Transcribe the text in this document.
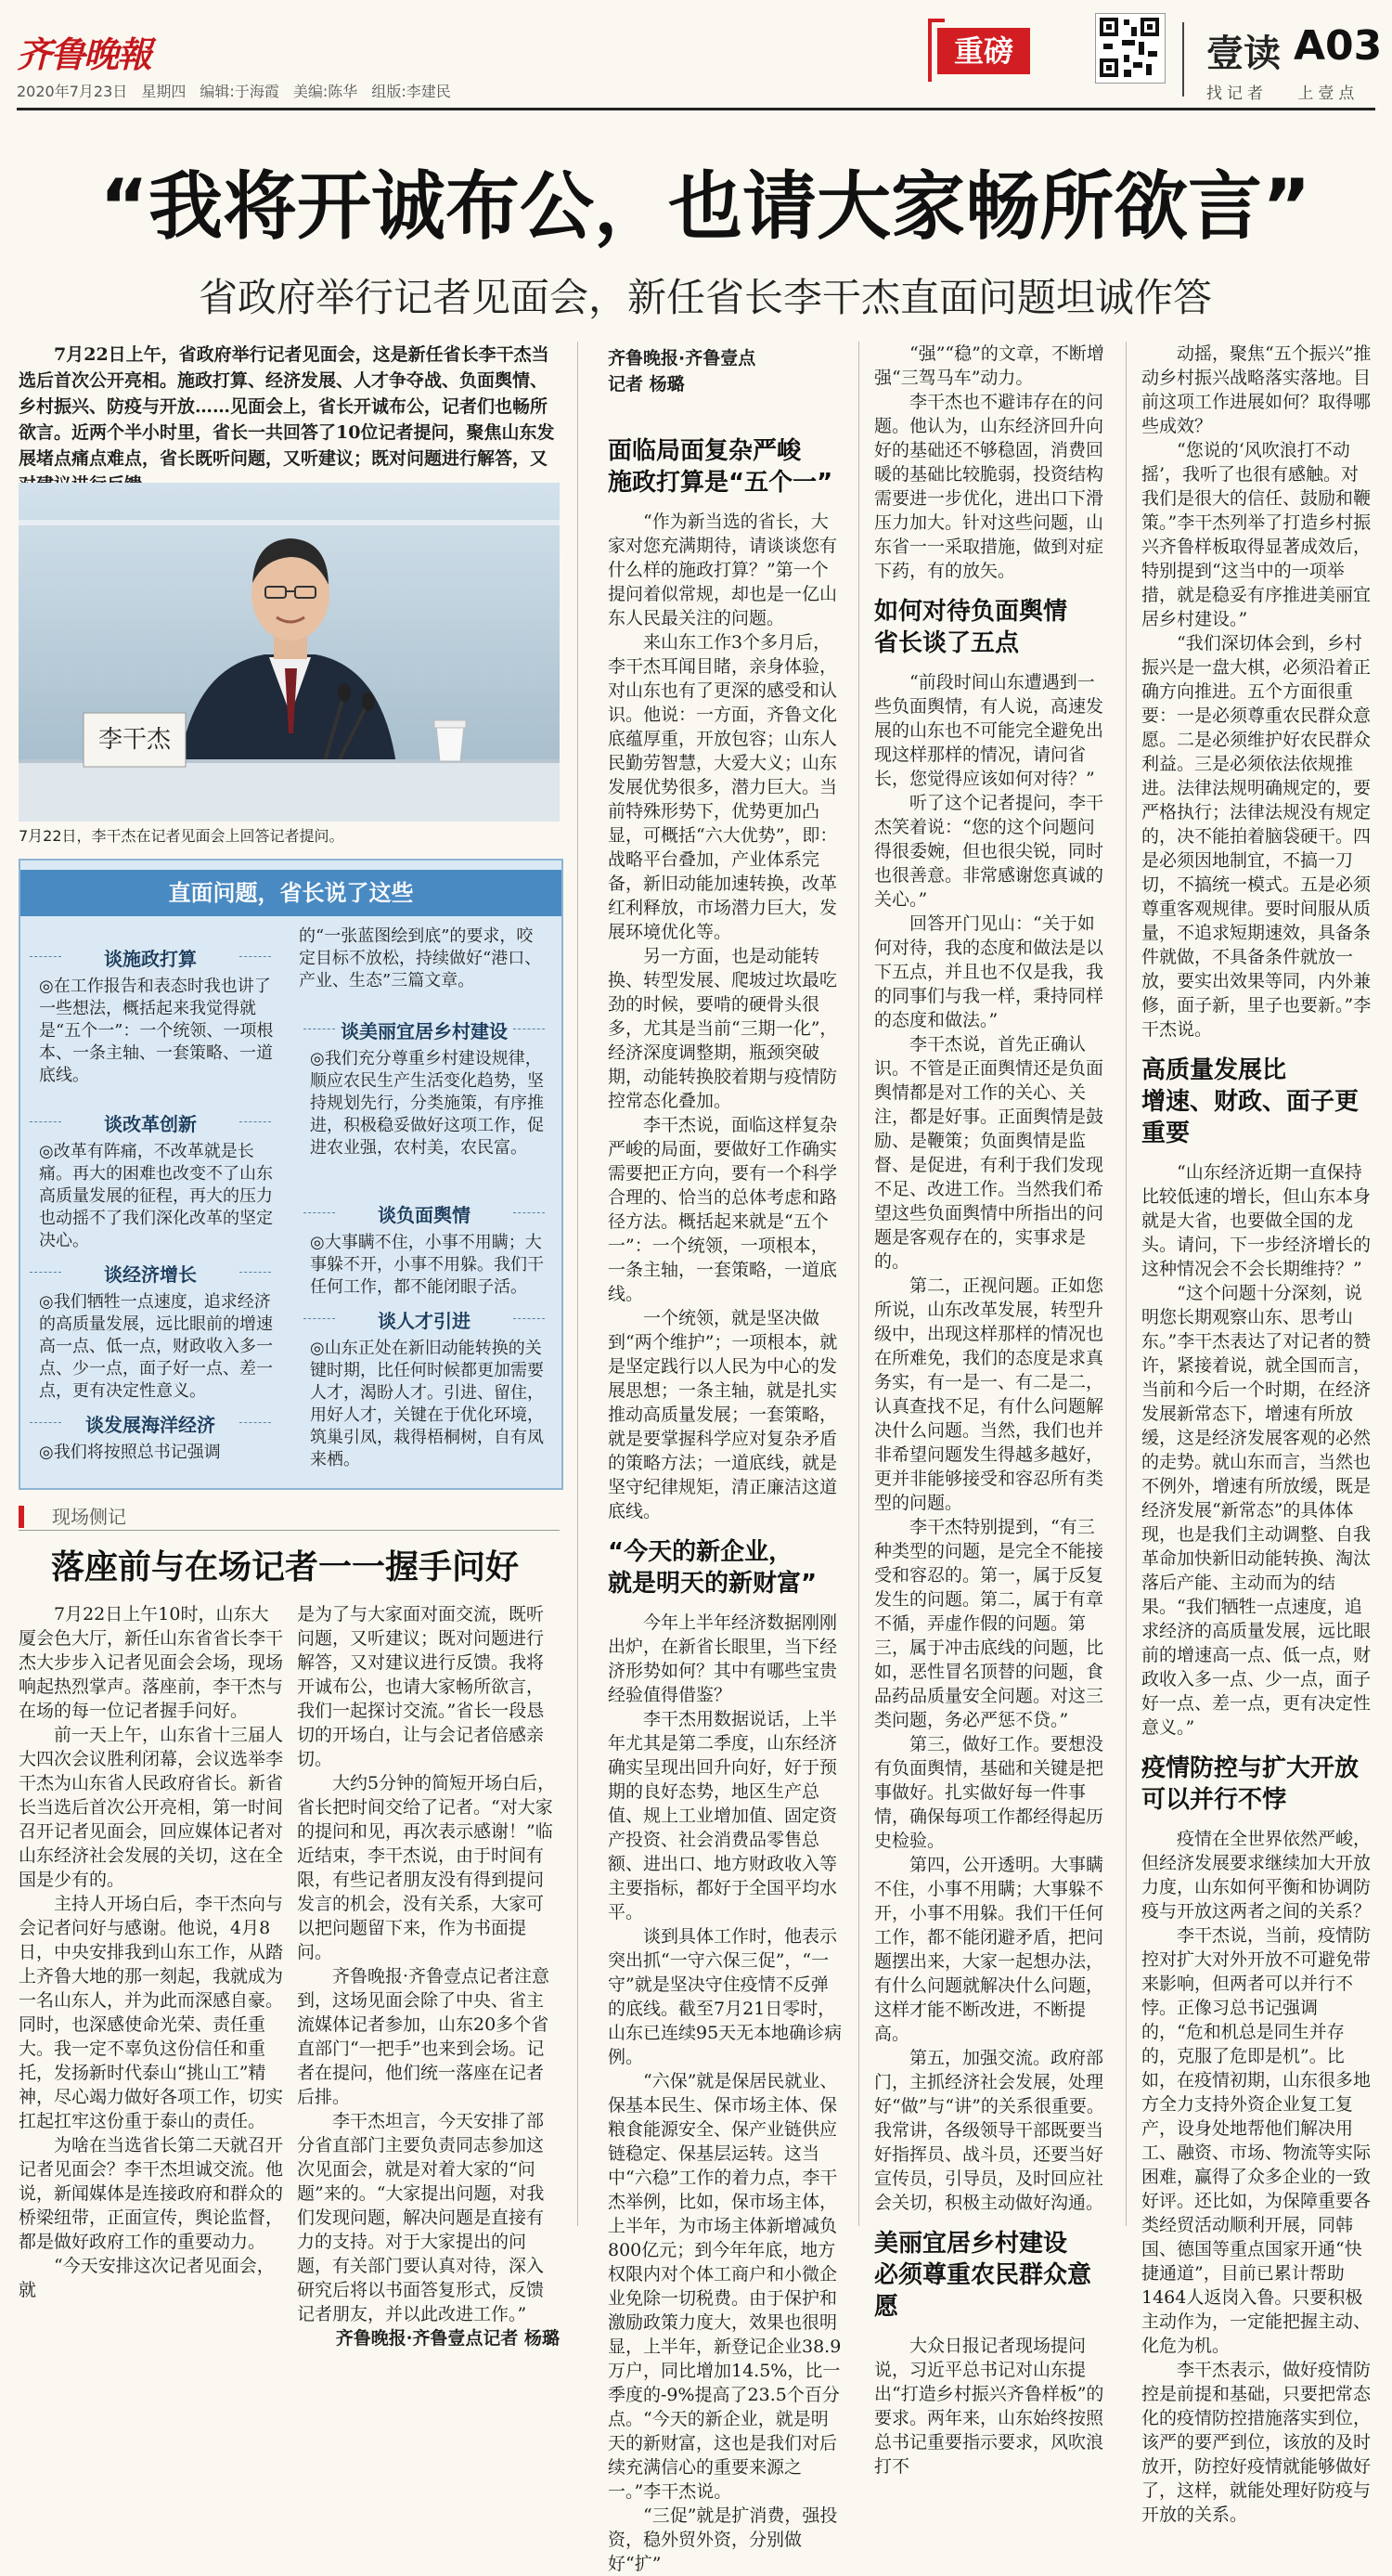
齐鲁晚報
2020年7月23日 星期四 编辑:于海霞 美编:陈华 组版:李建民
重磅	壹读 A03
找记者 上壹点
“我将开诚布公，也请大家畅所欲言”
省政府举行记者见面会，新任省长李干杰直面问题坦诚作答
7月22日上午，省政府举行记者见面会，这是新任省长李干杰当选后首次公开亮相。施政打算、经济发展、人才争夺战、负面舆情、乡村振兴、防疫与开放……见面会上，省长开诚布公，记者们也畅所欲言。近两个半小时里，省长一共回答了10位记者提问，聚焦山东发展堵点痛点难点，省长既听问题，又听建议；既对问题进行解答，又
李干杰
7月22日，李干杰在记者见面会上回答记者提问。
直面问题，省长说了这些
谈施政打算
◎在工作报告和表态时我也讲了一些想法，概括起来我觉得就是“五个一”：一个统领、一项根本、一条主轴、一套策略、一道底线。
谈改革创新
◎改革有阵痛，不改革就是长痛。再大的困难也改变不了山东高质量发展的征程，再大的压力也动摇不了我们深化改革的坚定决心。
谈经济增长
◎我们牺牲一点速度，追求经济的高质量发展，远比眼前的增速高一点、低一点，财政收入多一点、少一点，面子好一点、差一点，更有决定性意义。
谈发展海洋经济
◎我们将按照总书记强调
的“一张蓝图绘到底”的要求，咬定目标不放松，持续做好“港口、产业、生态”三篇文章。
谈美丽宜居乡村建设
◎我们充分尊重乡村建设规律，顺应农民生产生活变化趋势，坚持规划先行，分类施策，有序推进，积极稳妥做好这项工作，促进农业强，农村美，农民富。
谈负面舆情
◎大事瞒不住，小事不用瞒；大事躲不开，小事不用躲。我们干任何工作，都不能闭眼子活。
谈人才引进
◎山东正处在新旧动能转换的关键时期，比任何时候都更加需要人才，渴盼人才。引进、留住，用好人才，关键在于优化环境，筑巢引凤，栽得梧桐树，自有凤来栖。
现场侧记
落座前与在场记者一一握手问好

7月22日上午10时，山东大厦会色大厅，新任山东省省长李干杰大步步入记者见面会会场，现场响起热烈掌声。落座前，李干杰与在场的每一位记者握手问好。

前一天上午，山东省十三届人大四次会议胜利闭幕，会议选举李干杰为山东省人民政府省长。新省长当选后首次公开亮相，第一时间召开记者见面会，回应媒体记者对山东经济社会发展的关切，这在全国是少有的。

主持人开场白后，李干杰向与会记者问好与感谢。他说，4月8日，中央安排我到山东工作，从踏上齐鲁大地的那一刻起，我就成为一名山东人，并为此而深感自豪。同时，也深感使命光荣、责任重大。我一定不辜负这份信任和重托，发扬新时代泰山“挑山工”精神，尽心竭力做好各项工作，切实扛起扛牢这份重于泰山的责任。

为啥在当选省长第二天就召开记者见面会？李干杰坦诚交流。他说，新闻媒体是连接政府和群众的桥梁纽带，正面宣传，舆论监督，都是做好政府工作的重要动力。

“今天安排这次记者见面会，就

是为了与大家面对面交流，既听问题，又听建议；既对问题进行解答，又对建议进行反馈。我将开诚布公，也请大家畅所欲言，我们一起探讨交流。”省长一段恳切的开场白，让与会记者倍感亲切。

大约5分钟的简短开场白后，省长把时间交给了记者。“对大家的提问和见，再次表示感谢！”临近结束，李干杰说，由于时间有限，有些记者朋友没有得到提问发言的机会，没有关系，大家可以把问题留下来，作为书面提问。

齐鲁晚报·齐鲁壹点记者注意到，这场见面会除了中央、省主流媒体记者参加，山东20多个省直部门“一把手”也来到会场。记者在提问，他们统一落座在记者后排。

李干杰坦言，今天安排了部分省直部门主要负责同志参加这次见面会，就是对着大家的“问题”来的。“大家提出问题，对我们发现问题，解决问题是直接有力的支持。对于大家提出的问题，有关部门要认真对待，深入研究后将以书面答复形式，反馈记者朋友，并以此改进工作。”

齐鲁晚报·齐鲁壹点记者 杨璐

齐鲁晚报·齐鲁壹点
记者 杨璐
面临局面复杂严峻
施政打算是“五个一”
“作为新当选的省长，大家对您充满期待，请谈谈您有什么样的施政打算？”第一个提问着似常规，却也是一亿山东人民最关注的问题。
来山东工作3个多月后，李干杰耳闻目睹，亲身体验，对山东也有了更深的感受和认识。他说：一方面，齐鲁文化底蕴厚重，开放包容；山东人民勤劳智慧，大爱大义；山东发展优势很多，潜力巨大。当前特殊形势下，优势更加凸显，可概括“六大优势”，即：战略平台叠加，产业体系完备，新旧动能加速转换，改革红利释放，市场潜力巨大，发展环境优化等。
另一方面，也是动能转换、转型发展、爬坡过坎最吃劲的时候，要啃的硬骨头很多，尤其是当前“三期一化”，经济深度调整期，瓶颈突破期，动能转换胶着期与疫情防控常态化叠加。
李干杰说，面临这样复杂严峻的局面，要做好工作确实需要把正方向，要有一个科学合理的、恰当的总体考虑和路径方法。概括起来就是“五个一”：一个统领，一项根本，一条主轴，一套策略，一道底线。
一个统领，就是坚决做到“两个维护”；一项根本，就是坚定践行以人民为中心的发展思想；一条主轴，就是扎实推动高质量发展；一套策略，就是要掌握科学应对复杂矛盾的策略方法；一道底线，就是坚守纪律规矩，清正廉洁这道底线。
“今天的新企业，
就是明天的新财富”
今年上半年经济数据刚刚出炉，在新省长眼里，当下经济形势如何？其中有哪些宝贵经验值得借鉴？
李干杰用数据说话，上半年尤其是第二季度，山东经济确实呈现出回升向好，好于预期的良好态势，地区生产总值、规上工业增加值、固定资产投资、社会消费品零售总额、进出口、地方财政收入等主要指标，都好于全国平均水平。
谈到具体工作时，他表示突出抓“一守六保三促”，“一守”就是坚决守住疫情不反弹的底线。截至7月21日零时，山东已连续95天无本地确诊病例。
“六保”就是保居民就业、保基本民生、保市场主体、保粮食能源安全、保产业链供应链稳定、保基层运转。这当中“六稳”工作的着力点，李干杰举例，比如，保市场主体，上半年，为市场主体新增减负800亿元；到今年年底，地方权限内对个体工商户和小微企业免除一切税费。由于保护和激励政策力度大，效果也很明显，上半年，新登记企业38.9万户，同比增加14.5%，比一季度的-9%提高了23.5个百分点。“今天的新企业，就是明天的新财富，这也是我们对后续充满信心的重要来源之一。”李干杰说。
“三促”就是扩消费，强投资，稳外贸外资，分别做好“扩”
“强”“稳”的文章，不断增强“三驾马车”动力。
李干杰也不避讳存在的问题。他认为，山东经济回升向好的基础还不够稳固，消费回暖的基础比较脆弱，投资结构需要进一步优化，进出口下滑压力加大。针对这些问题，山东省一一采取措施，做到对症下药，有的放矢。
如何对待负面舆情
省长谈了五点
“前段时间山东遭遇到一些负面舆情，有人说，高速发展的山东也不可能完全避免出现这样那样的情况，请问省长，您觉得应该如何对待？”
听了这个记者提问，李干杰笑着说：“您的这个问题问得很委婉，但也很尖锐，同时也很善意。非常感谢您真诚的关心。”
回答开门见山：“关于如何对待，我的态度和做法是以下五点，并且也不仅是我，我的同事们与我一样，秉持同样的态度和做法。”
李干杰说，首先正确认识。不管是正面舆情还是负面舆情都是对工作的关心、关注，都是好事。正面舆情是鼓励、是鞭策；负面舆情是监督、是促进，有利于我们发现不足、改进工作。当然我们希望这些负面舆情中所指出的问题是客观存在的，实事求是的。
第二，正视问题。正如您所说，山东改革发展，转型升级中，出现这样那样的情况也在所难免，我们的态度是求真务实，有一是一、有二是二，认真查找不足，有什么问题解决什么问题。当然，我们也并非希望问题发生得越多越好，更并非能够接受和容忍所有类型的问题。
李干杰特别提到，“有三种类型的问题，是完全不能接受和容忍的。第一，属于反复发生的问题。第二，属于有章不循，弄虚作假的问题。第三，属于冲击底线的问题，比如，恶性冒名顶替的问题，食品药品质量安全问题。对这三类问题，务必严惩不贷。”
第三，做好工作。要想没有负面舆情，基础和关键是把事做好。扎实做好每一件事情，确保每项工作都经得起历史检验。
第四，公开透明。大事瞒不住，小事不用瞒；大事躲不开，小事不用躲。我们干任何工作，都不能闭避矛盾，把问题摆出来，大家一起想办法，有什么问题就解决什么问题，这样才能不断改进，不断提高。
第五，加强交流。政府部门，主抓经济社会发展，处理好“做”与“讲”的关系很重要。我常讲，各级领导干部既要当好指挥员、战斗员，还要当好宣传员，引导员，及时回应社会关切，积极主动做好沟通。
美丽宜居乡村建设
必须尊重农民群众意愿
大众日报记者现场提问说，习近平总书记对山东提出“打造乡村振兴齐鲁样板”的要求。两年来，山东始终按照总书记重要指示要求，风吹浪打不
动摇，聚焦“五个振兴”推动乡村振兴战略落实落地。目前这项工作进展如何？取得哪些成效？
“您说的‘风吹浪打不动摇’，我听了也很有感触。对我们是很大的信任、鼓励和鞭策。”李干杰列举了打造乡村振兴齐鲁样板取得显著成效后，特别提到“这当中的一项举措，就是稳妥有序推进美丽宜居乡村建设。”
“我们深切体会到，乡村振兴是一盘大棋，必须沿着正确方向推进。五个方面很重要：一是必须尊重农民群众意愿。二是必须维护好农民群众利益。三是必须依法依规推进。法律法规明确规定的，要严格执行；法律法规没有规定的，决不能拍着脑袋硬干。四是必须因地制宜，不搞一刀切，不搞统一模式。五是必须尊重客观规律。要时间服从质量，不追求短期速效，具备条件就做，不具备条件就放一放，要实出效果等同，内外兼修，面子新，里子也要新。”李干杰说。
高质量发展比
增速、财政、面子更重要
“山东经济近期一直保持比较低速的增长，但山东本身就是大省，也要做全国的龙头。请问，下一步经济增长的这种情况会不会长期维持？”
“这个问题十分深刻，说明您长期观察山东、思考山东。”李干杰表达了对记者的赞许，紧接着说，就全国而言，当前和今后一个时期，在经济发展新常态下，增速有所放缓，这是经济发展客观的必然的走势。就山东而言，当然也不例外，增速有所放缓，既是经济发展“新常态”的具体体现，也是我们主动调整、自我革命加快新旧动能转换、淘汰落后产能、主动而为的结果。“我们牺牲一点速度，追求经济的高质量发展，远比眼前的增速高一点、低一点，财政收入多一点、少一点，面子好一点、差一点，更有决定性意义。”
疫情防控与扩大开放
可以并行不悖
疫情在全世界依然严峻，但经济发展要求继续加大开放力度，山东如何平衡和协调防疫与开放这两者之间的关系？
李干杰说，当前，疫情防控对扩大对外开放不可避免带来影响，但两者可以并行不悖。正像习总书记强调的，“危和机总是同生并存的，克服了危即是机”。比如，在疫情初期，山东很多地方全力支持外资企业复工复产，设身处地帮他们解决用工、融资、市场、物流等实际困难，赢得了众多企业的一致好评。还比如，为保障重要各类经贸活动顺利开展，同韩国、德国等重点国家开通“快捷通道”，目前已累计帮助1464人返岗入鲁。只要积极主动作为，一定能把握主动、化危为机。
李干杰表示，做好疫情防控是前提和基础，只要把常态化的疫情防控措施落实到位，该严的要严到位，该放的及时放开，防控好疫情就能够做好了，这样，就能处理好防疫与开放的关系。
